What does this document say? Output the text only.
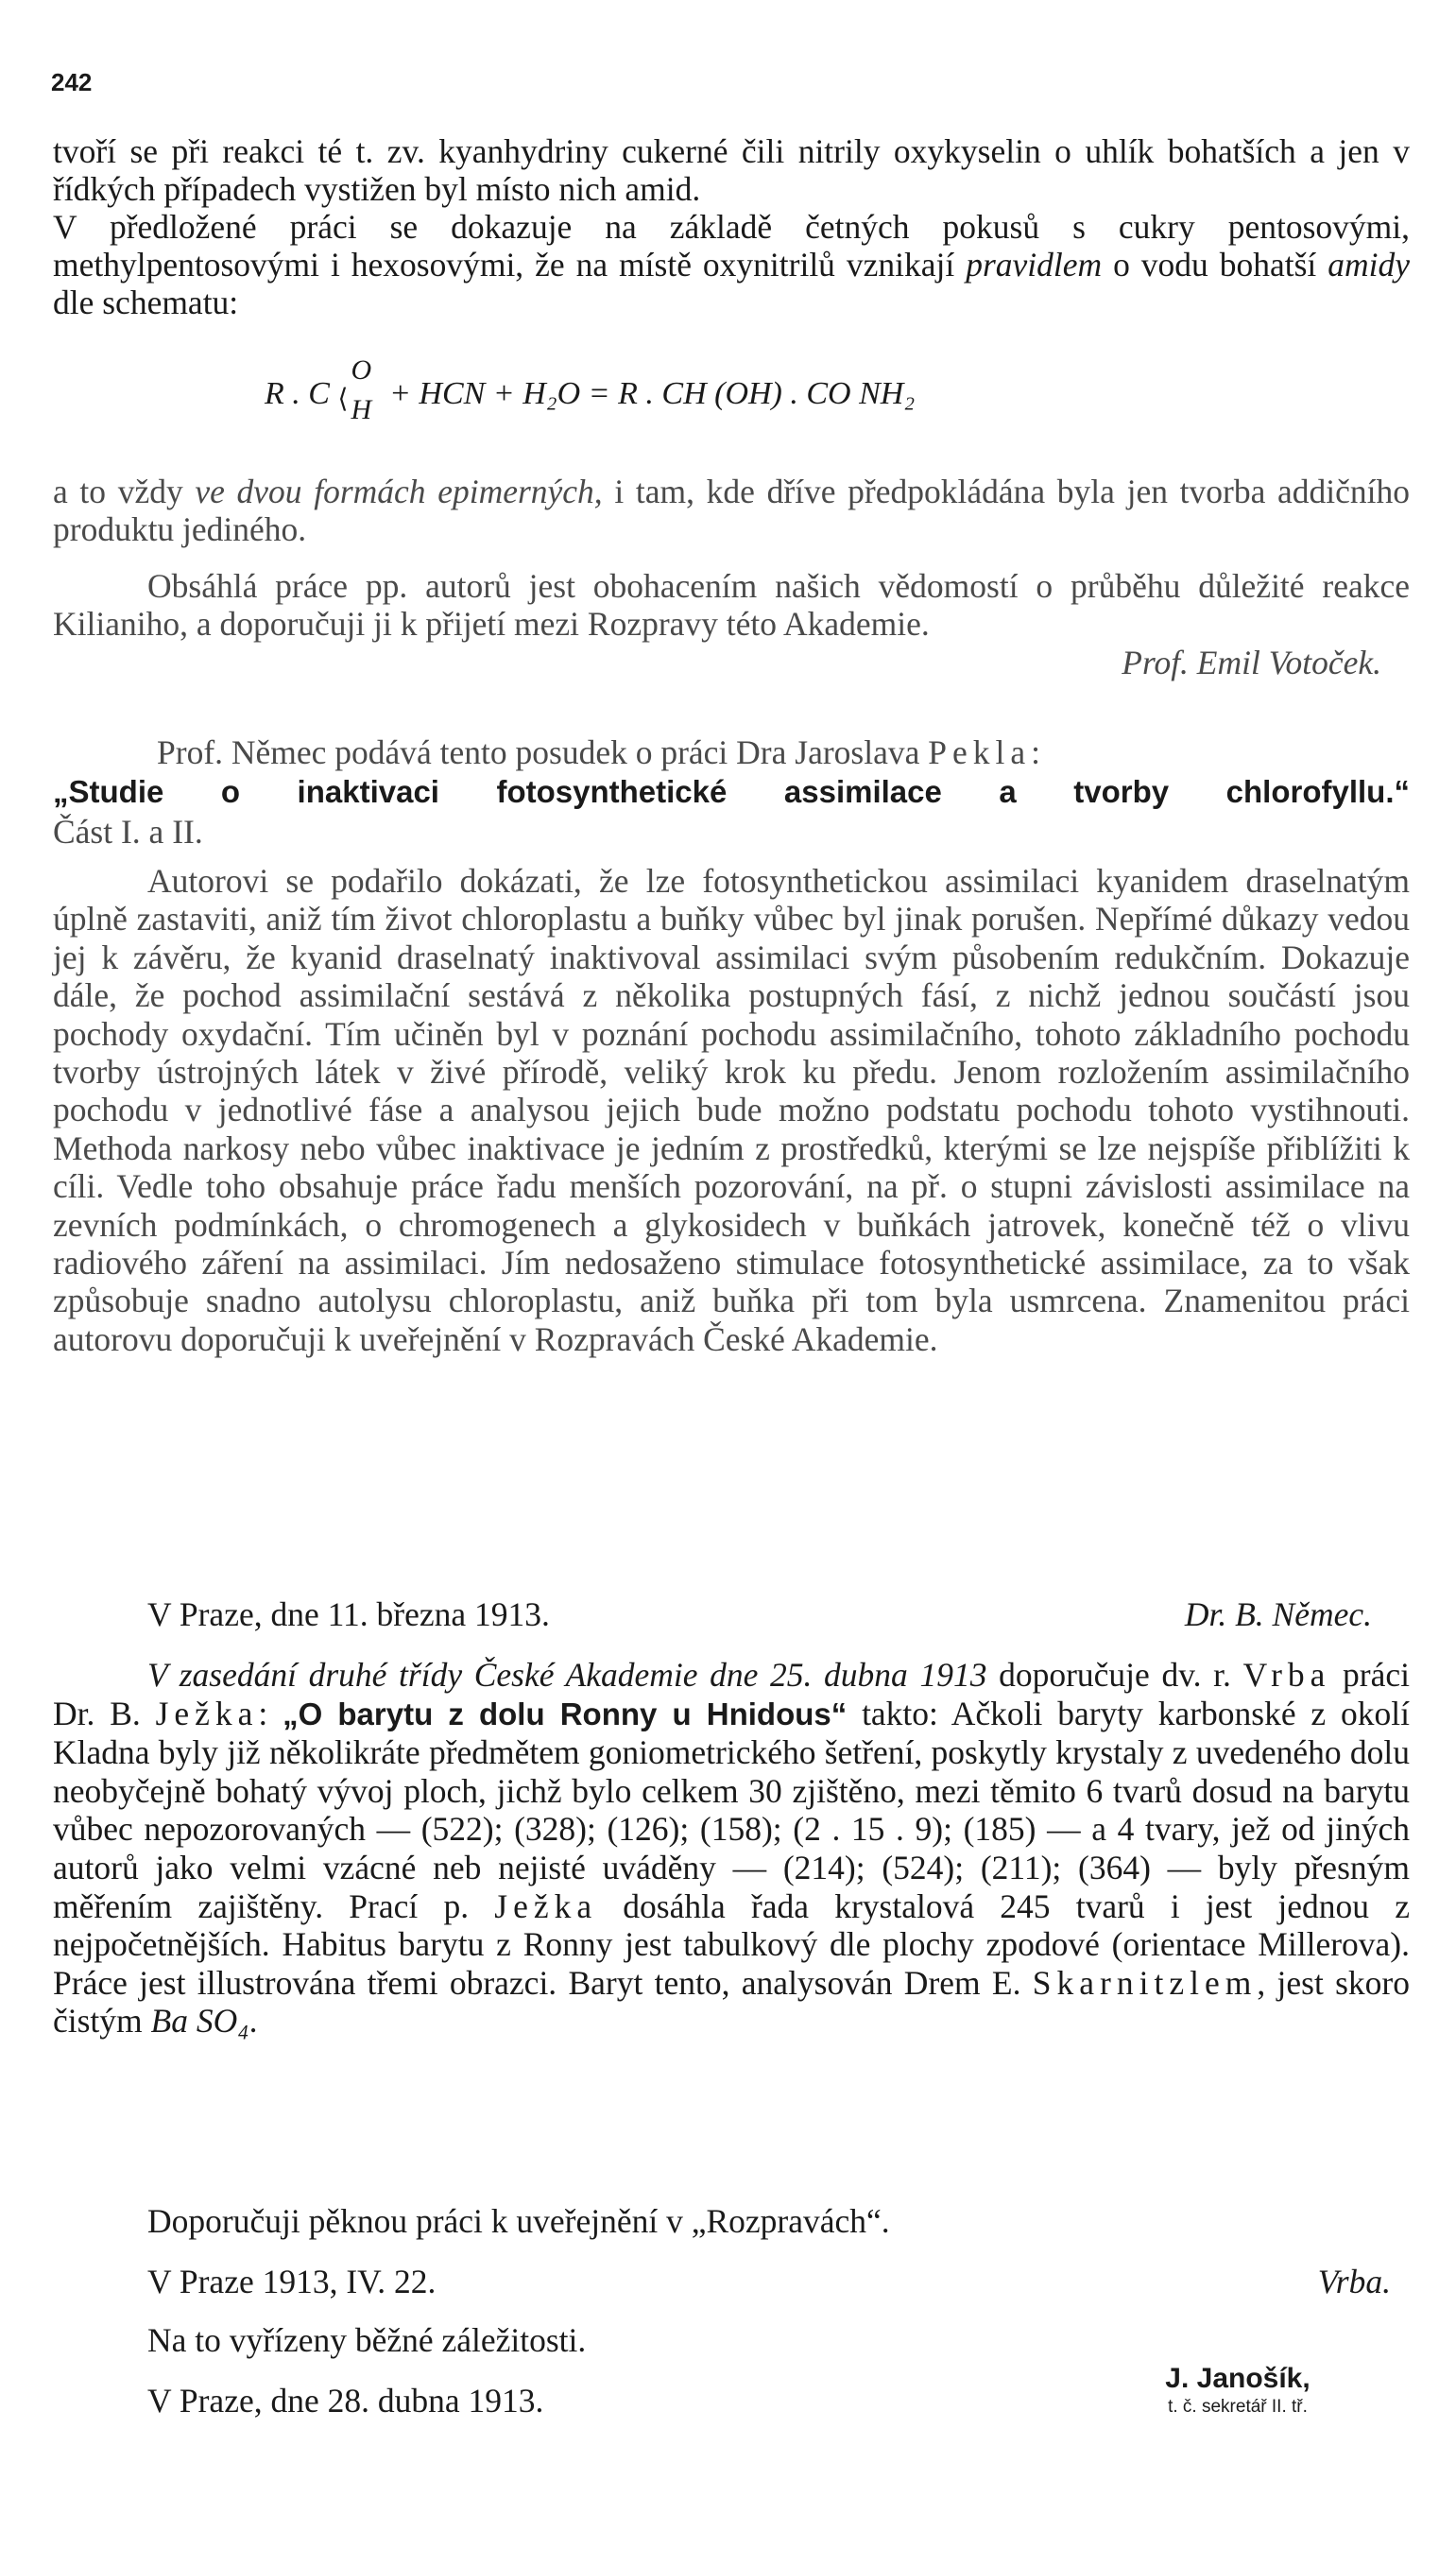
242
tvoří se při reakci té t. zv. kyanhydriny cukerné čili nitrily oxykyselin o uhlík bohatších a jen v řídkých případech vystižen byl místo nich amid.
V předložené práci se dokazuje na základě četných pokusů s cukry pentosovými, methylpentosovými i hexosovými, že na místě oxynitrilů vznikají pravidlem o vodu bohatší amidy dle schematu:
R . C ⟨
O
H + HCN + H₂O = R . CH (OH) . CO NH₂
a to vždy ve dvou formách epimerných, i tam, kde dříve předpokládána byla jen tvorba addičního produktu jediného.
Obsáhlá práce pp. autorů jest obohacením našich vědomostí o průběhu důležité reakce Kilianiho, a doporučuji ji k přijetí mezi Rozpravy této Akademie.
Prof. Emil Votoček.
Prof. Němec podává tento posudek o práci Dra Jaroslava Pekla:
„Studie o inaktivaci fotosynthetické assimilace a tvorby chlorofyllu.“
Část I. a II.
Autorovi se podařilo dokázati, že lze fotosynthetickou assimilaci kyanidem draselnatým úplně zastaviti, aniž tím život chloroplastu a buňky vůbec byl jinak porušen. Nepřímé důkazy vedou jej k závěru, že kyanid draselnatý inaktivoval assimilaci svým působením redukčním. Dokazuje dále, že pochod assimilační sestává z několika postupných fásí, z nichž jednou součástí jsou pochody oxydační. Tím učiněn byl v poznání pochodu assimilačního, tohoto základního pochodu tvorby ústrojných látek v živé přírodě, veliký krok ku předu. Jenom rozložením assimilačního pochodu v jednotlivé fáse a analysou jejich bude možno podstatu pochodu tohoto vystihnouti. Methoda narkosy nebo vůbec inaktivace je jedním z prostředků, kterými se lze nejspíše přiblížiti k cíli. Vedle toho obsahuje práce řadu menších pozorování, na př. o stupni závislosti assimilace na zevních podmínkách, o chromogenech a glykosidech v buňkách jatrovek, konečně též o vlivu radiového záření na assimilaci. Jím nedosaženo stimulace fotosynthetické assimilace, za to však způsobuje snadno autolysu chloroplastu, aniž buňka při tom byla usmrcena. Znamenitou práci autorovu doporučuji k uveřejnění v Rozpravách České Akademie.
V Praze, dne 11. března 1913.	Dr. B. Němec.
V zasedání druhé třídy České Akademie dne 25. dubna 1913 doporučuje dv. r. Vrba práci Dr. B. Ježka: „O barytu z dolu Ronny u Hnidous“ takto: Ačkoli baryty karbonské z okolí Kladna byly již několikráte předmětem goniometrického šetření, poskytly krystaly z uvedeného dolu neobyčejně bohatý vývoj ploch, jichž bylo celkem 30 zjištěno, mezi těmito 6 tvarů dosud na barytu vůbec nepozorovaných — (522); (328); (126); (158); (2 . 15 . 9); (185) — a 4 tvary, jež od jiných autorů jako velmi vzácné neb nejisté uváděny — (214); (524); (211); (364) — byly přesným měřením zajištěny. Prací p. Ježka dosáhla řada krystalová 245 tvarů i jest jednou z nejpočetnějších. Habitus barytu z Ronny jest tabulkový dle plochy zpodové (orientace Millerova). Práce jest illustrována třemi obrazci. Baryt tento, analysován Drem E. Skarnitzlem, jest skoro čistým Ba SO₄.
Doporučuji pěknou práci k uveřejnění v „Rozpravách“.
V Praze 1913, IV. 22.	Vrba.
Na to vyřízeny běžné záležitosti.
V Praze, dne 28. dubna 1913.
J. Janošík,
t. č. sekretář II. tř.
